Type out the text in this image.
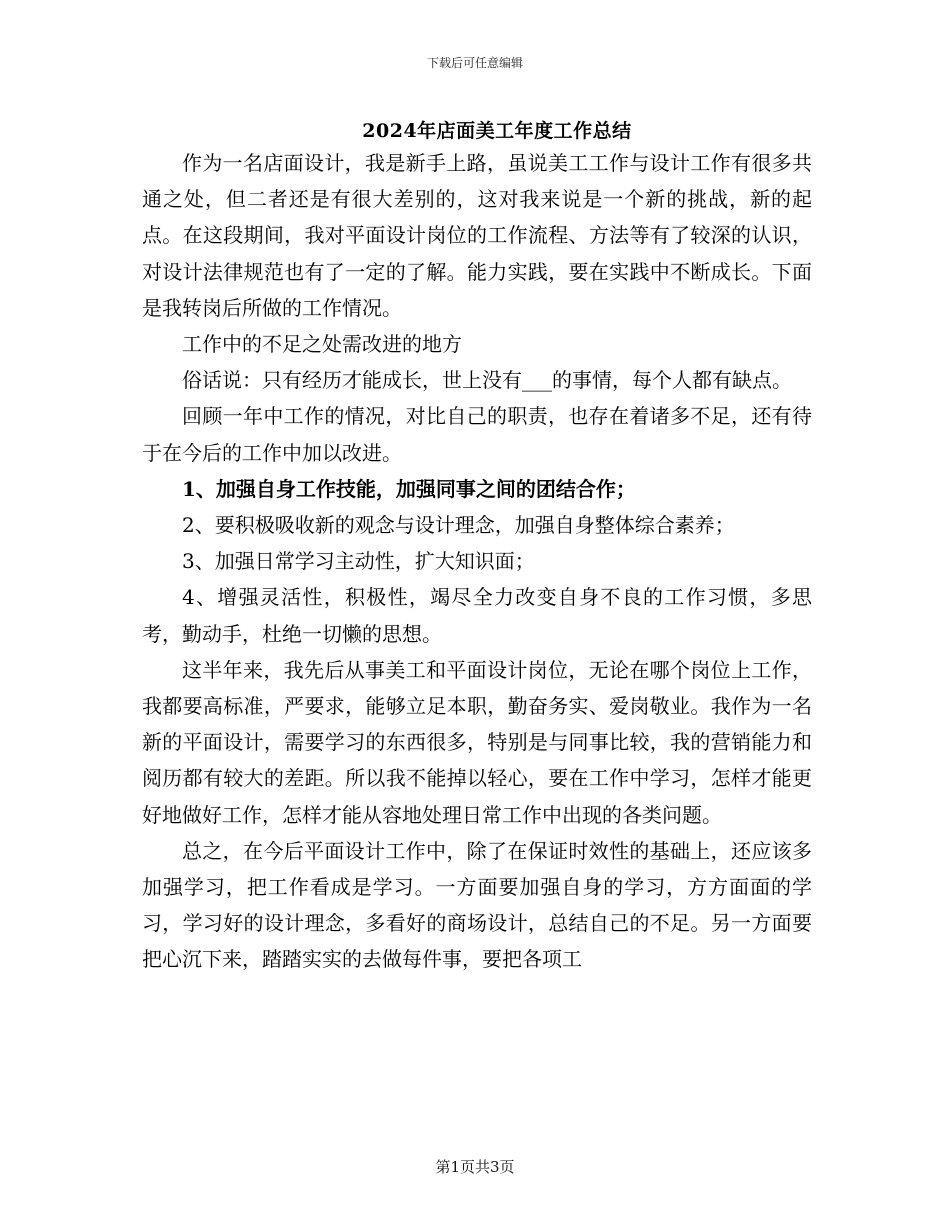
下载后可任意编辑
2024年店面美工年度工作总结

作为一名店面设计，我是新手上路，虽说美工工作与设计工作有很多共通之处，但二者还是有很大差别的，这对我来说是一个新的挑战，新的起点。在这段期间，我对平面设计岗位的工作流程、方法等有了较深的认识，对设计法律规范也有了一定的了解。能力实践，要在实践中不断成长。下面是我转岗后所做的工作情况。

工作中的不足之处需改进的地方

俗话说：只有经历才能成长，世上没有___的事情，每个人都有缺点。

回顾一年中工作的情况，对比自己的职责，也存在着诸多不足，还有待于在今后的工作中加以改进。

1、加强自身工作技能，加强同事之间的团结合作；

2、要积极吸收新的观念与设计理念，加强自身整体综合素养；

3、加强日常学习主动性，扩大知识面；

4、增强灵活性，积极性，竭尽全力改变自身不良的工作习惯，多思考，勤动手，杜绝一切懒的思想。

这半年来，我先后从事美工和平面设计岗位，无论在哪个岗位上工作，我都要高标准，严要求，能够立足本职，勤奋务实、爱岗敬业。我作为一名新的平面设计，需要学习的东西很多，特别是与同事比较，我的营销能力和阅历都有较大的差距。所以我不能掉以轻心，要在工作中学习，怎样才能更好地做好工作，怎样才能从容地处理日常工作中出现的各类问题。

总之，在今后平面设计工作中，除了在保证时效性的基础上，还应该多加强学习，把工作看成是学习。一方面要加强自身的学习，方方面面的学习，学习好的设计理念，多看好的商场设计，总结自己的不足。另一方面要把心沉下来，踏踏实实的去做每件事，要把各项工

第1页共3页
